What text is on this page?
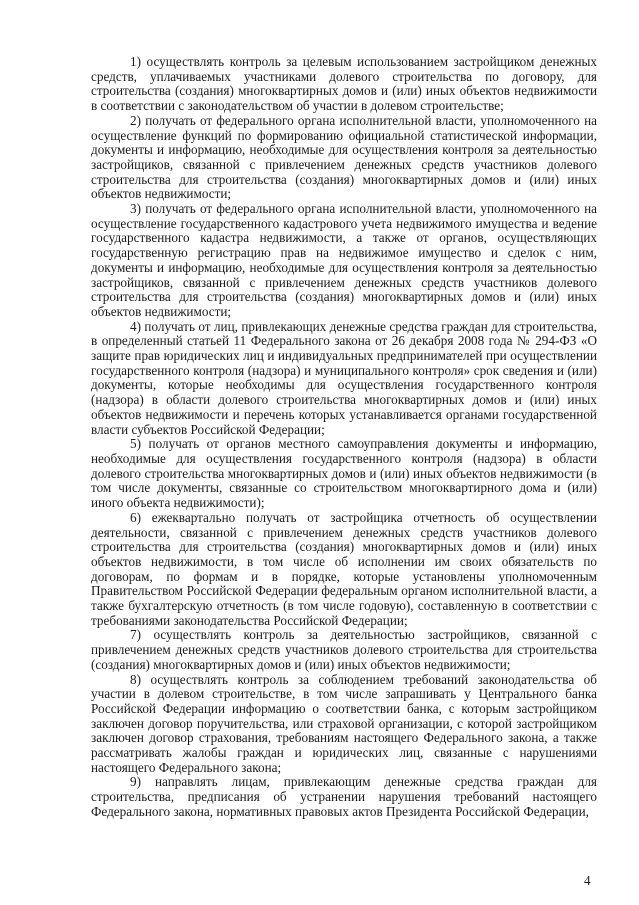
1) осуществлять контроль за целевым использованием застройщиком денежных средств, уплачиваемых участниками долевого строительства по договору, для строительства (создания) многоквартирных домов и (или) иных объектов недвижимости в соответствии с законодательством об участии в долевом строительстве;

2) получать от федерального органа исполнительной власти, уполномоченного на осуществление функций по формированию официальной статистической информации, документы и информацию, необходимые для осуществления контроля за деятельностью застройщиков, связанной с привлечением денежных средств участников долевого строительства для строительства (создания) многоквартирных домов и (или) иных объектов недвижимости;

3) получать от федерального органа исполнительной власти, уполномоченного на осуществление государственного кадастрового учета недвижимого имущества и ведение государственного кадастра недвижимости, а также от органов, осуществляющих государственную регистрацию прав на недвижимое имущество и сделок с ним, документы и информацию, необходимые для осуществления контроля за деятельностью застройщиков, связанной с привлечением денежных средств участников долевого строительства для строительства (создания) многоквартирных домов и (или) иных объектов недвижимости;

4) получать от лиц, привлекающих денежные средства граждан для строительства, в определенный статьей 11 Федерального закона от 26 декабря 2008 года № 294-ФЗ «О защите прав юридических лиц и индивидуальных предпринимателей при осуществлении государственного контроля (надзора) и муниципального контроля» срок сведения и (или) документы, которые необходимы для осуществления государственного контроля (надзора) в области долевого строительства многоквартирных домов и (или) иных объектов недвижимости и перечень которых устанавливается органами государственной власти субъектов Российской Федерации;

5) получать от органов местного самоуправления документы и информацию, необходимые для осуществления государственного контроля (надзора) в области долевого строительства многоквартирных домов и (или) иных объектов недвижимости (в том числе документы, связанные со строительством многоквартирного дома и (или) иного объекта недвижимости);

6) ежеквартально получать от застройщика отчетность об осуществлении деятельности, связанной с привлечением денежных средств участников долевого строительства для строительства (создания) многоквартирных домов и (или) иных объектов недвижимости, в том числе об исполнении им своих обязательств по договорам, по формам и в порядке, которые установлены уполномоченным Правительством Российской Федерации федеральным органом исполнительной власти, а также бухгалтерскую отчетность (в том числе годовую), составленную в соответствии с требованиями законодательства Российской Федерации;

7) осуществлять контроль за деятельностью застройщиков, связанной с привлечением денежных средств участников долевого строительства для строительства (создания) многоквартирных домов и (или) иных объектов недвижимости;

8) осуществлять контроль за соблюдением требований законодательства об участии в долевом строительстве, в том числе запрашивать у Центрального банка Российской Федерации информацию о соответствии банка, с которым застройщиком заключен договор поручительства, или страховой организации, с которой застройщиком заключен договор страхования, требованиям настоящего Федерального закона, а также рассматривать жалобы граждан и юридических лиц, связанные с нарушениями настоящего Федерального закона;

9) направлять лицам, привлекающим денежные средства граждан для строительства, предписания об устранении нарушения требований настоящего Федерального закона, нормативных правовых актов Президента Российской Федерации,

4
